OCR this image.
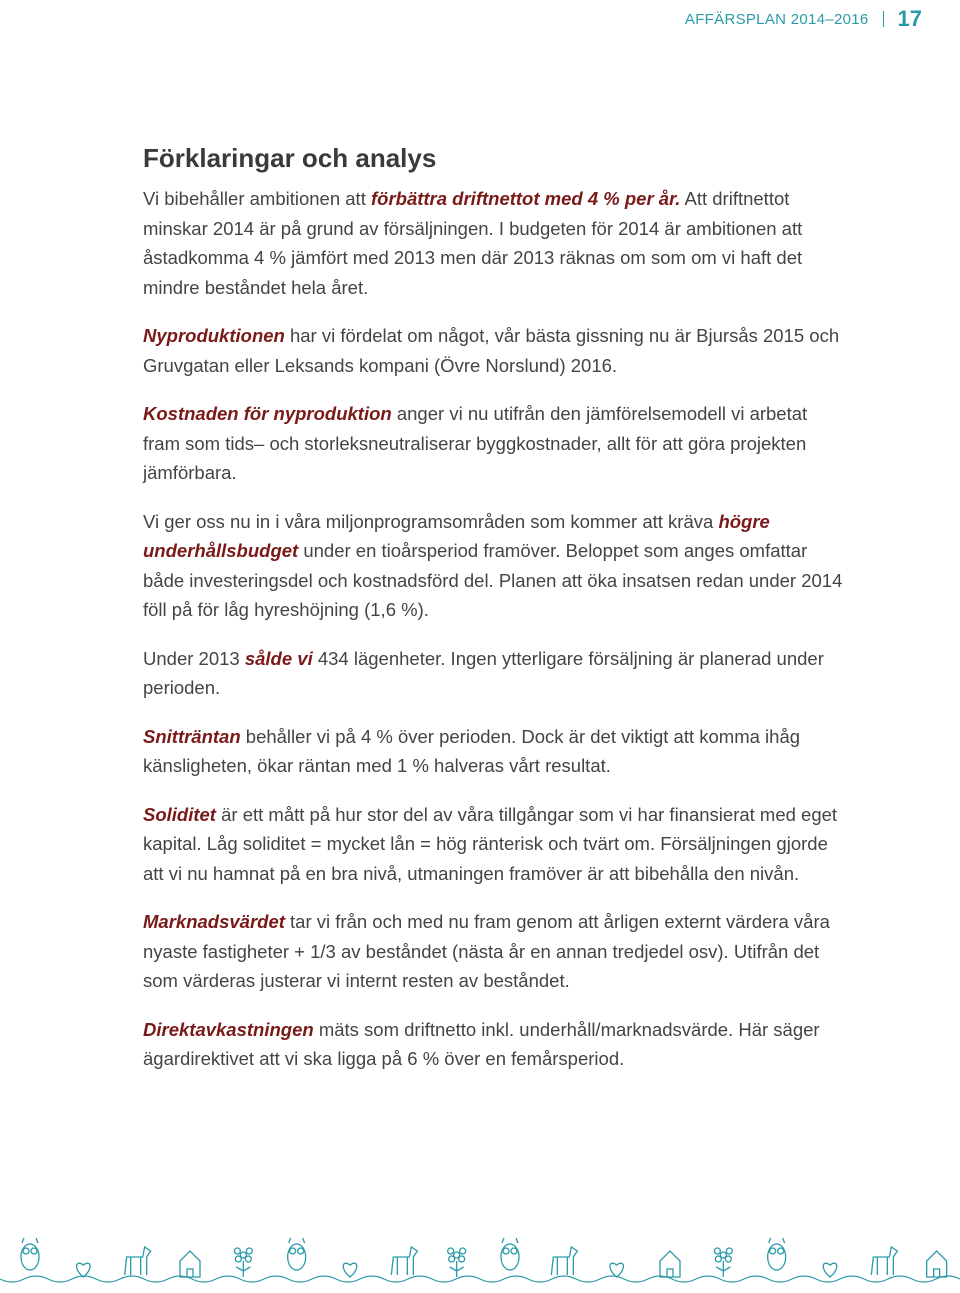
AFFÄRSPLAN 2014–2016 17
Förklaringar och analys

Vi bibehåller ambitionen att förbättra driftnettot med 4 % per år. Att driftnettot minskar 2014 är på grund av försäljningen. I budgeten för 2014 är ambitionen att åstadkomma 4 % jämfört med 2013 men där 2013 räknas om som om vi haft det mindre beståndet hela året.

Nyproduktionen har vi fördelat om något, vår bästa gissning nu är Bjursås 2015 och Gruvgatan eller Leksands kompani (Övre Norslund) 2016.

Kostnaden för nyproduktion anger vi nu utifrån den jämförelsemodell vi arbetat fram som tids– och storleksneutraliserar byggkostnader, allt för att göra projekten jämförbara.

Vi ger oss nu in i våra miljonprogramsområden som kommer att kräva högre underhållsbudget under en tioårsperiod framöver. Beloppet som anges omfattar både investeringsdel och kostnadsförd del. Planen att öka insatsen redan under 2014 föll på för låg hyreshöjning (1,6 %).

Under 2013 sålde vi 434 lägenheter. Ingen ytterligare försäljning är planerad under perioden.

Snitträntan behåller vi på 4 % över perioden. Dock är det viktigt att komma ihåg känsligheten, ökar räntan med 1 % halveras vårt resultat.

Soliditet är ett mått på hur stor del av våra tillgångar som vi har finansierat med eget kapital. Låg soliditet = mycket lån = hög ränterisk och tvärt om. Försäljningen gjorde att vi nu hamnat på en bra nivå, utmaningen framöver är att bibehålla den nivån.

Marknadsvärdet tar vi från och med nu fram genom att årligen externt värdera våra nyaste fastigheter + 1/3 av beståndet (nästa år en annan tredjedel osv). Utifrån det som värderas justerar vi internt resten av beståndet.

Direktavkastningen mäts som driftnetto inkl. underhåll/marknadsvärde. Här säger ägardirektivet att vi ska ligga på 6 % över en femårsperiod.
